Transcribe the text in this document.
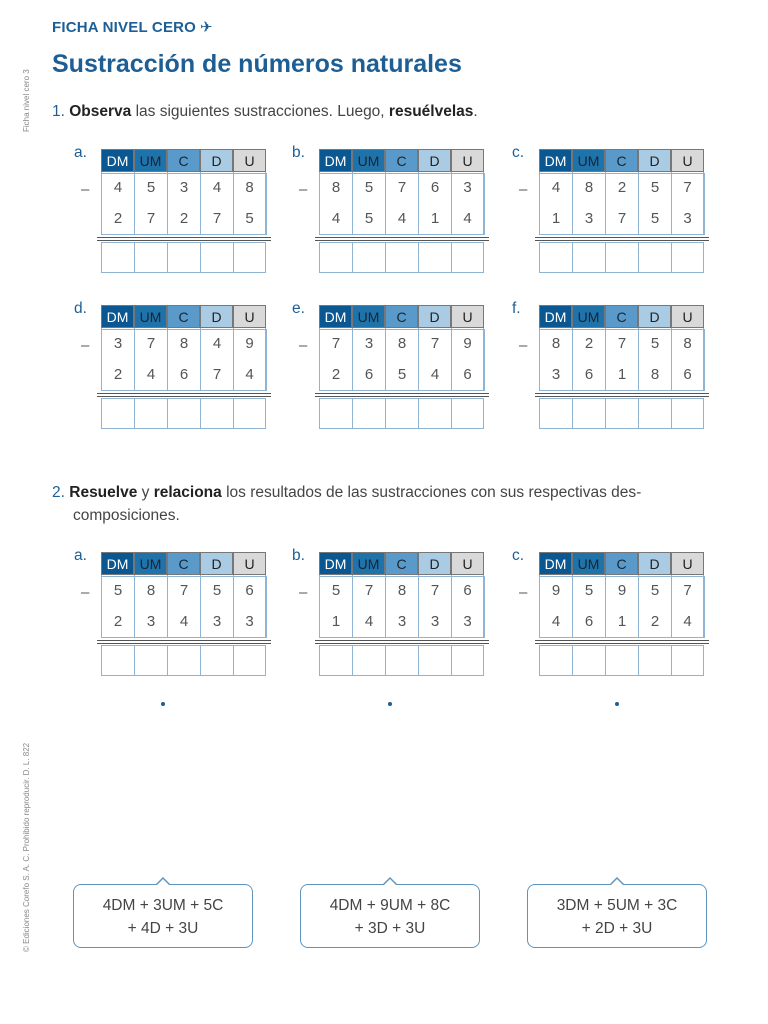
FICHA NIVEL CERO ✈
Sustracción de números naturales
Ficha nivel cero 3
© Ediciones Corefo S. A. C. Prohibido reproducir. D. L. 822
1. Observa las siguientes sustracciones. Luego, resuélvelas.
2. Resuelve y relaciona los resultados de las sustracciones con sus respectivas des-
composiciones.
a.
–
DM UM	C	D	U
4	5	3	4	8
2	7	2	7	5
b.
–
DM UM	C	D	U
8	5	7	6	3
4	5	4	1	4
c.
–
DM UM	C	D	U
4	8	2	5	7
1	3	7	5	3
d.
–
DM UM	C	D	U
3	7	8	4	9
2	4	6	7	4
e.
–
DM UM	C	D	U
7	3	8	7	9
2	6	5	4	6
f.
–
DM UM	C	D	U
8	2	7	5	8
3	6	1	8	6
a.
–
DM UM	C	D	U
5	8	7	5	6
2	3	4	3	3
b.
–
DM UM	C	D	U
5	7	8	7	6
1	4	3	3	3
c.
–
DM UM	C	D	U
9	5	9	5	7
4	6	1	2	4
4DM + 3UM + 5C
+ 4D + 3U
4DM + 9UM + 8C
+ 3D + 3U
3DM + 5UM + 3C
+ 2D + 3U
